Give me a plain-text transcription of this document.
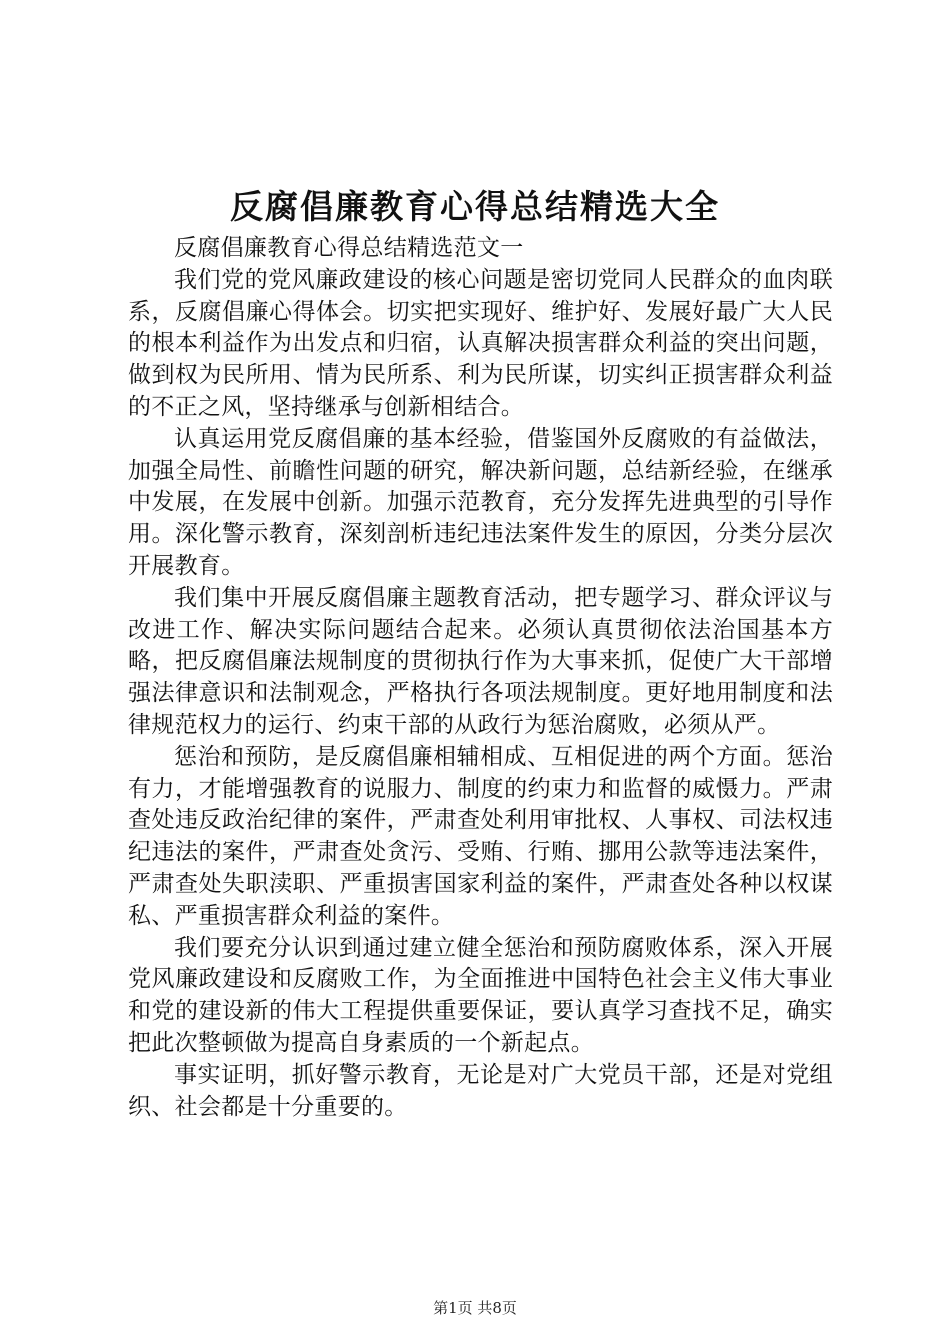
反腐倡廉教育心得总结精选大全

反腐倡廉教育心得总结精选范文一

我们党的党风廉政建设的核心问题是密切党同人民群众的血肉联系，反腐倡廉心得体会。切实把实现好、维护好、发展好最广大人民的根本利益作为出发点和归宿，认真解决损害群众利益的突出问题，做到权为民所用、情为民所系、利为民所谋，切实纠正损害群众利益的不正之风，坚持继承与创新相结合。

认真运用党反腐倡廉的基本经验，借鉴国外反腐败的有益做法，加强全局性、前瞻性问题的研究，解决新问题，总结新经验，在继承中发展，在发展中创新。加强示范教育，充分发挥先进典型的引导作用。深化警示教育，深刻剖析违纪违法案件发生的原因，分类分层次开展教育。

我们集中开展反腐倡廉主题教育活动，把专题学习、群众评议与改进工作、解决实际问题结合起来。必须认真贯彻依法治国基本方略，把反腐倡廉法规制度的贯彻执行作为大事来抓，促使广大干部增强法律意识和法制观念，严格执行各项法规制度。更好地用制度和法律规范权力的运行、约束干部的从政行为惩治腐败，必须从严。

惩治和预防，是反腐倡廉相辅相成、互相促进的两个方面。惩治有力，才能增强教育的说服力、制度的约束力和监督的威慑力。严肃查处违反政治纪律的案件，严肃查处利用审批权、人事权、司法权违纪违法的案件，严肃查处贪污、受贿、行贿、挪用公款等违法案件，严肃查处失职渎职、严重损害国家利益的案件，严肃查处各种以权谋私、严重损害群众利益的案件。

我们要充分认识到通过建立健全惩治和预防腐败体系，深入开展党风廉政建设和反腐败工作，为全面推进中国特色社会主义伟大事业和党的建设新的伟大工程提供重要保证，要认真学习查找不足，确实把此次整顿做为提高自身素质的一个新起点。

事实证明，抓好警示教育，无论是对广大党员干部，还是对党组织、社会都是十分重要的。

第1页 共8页
